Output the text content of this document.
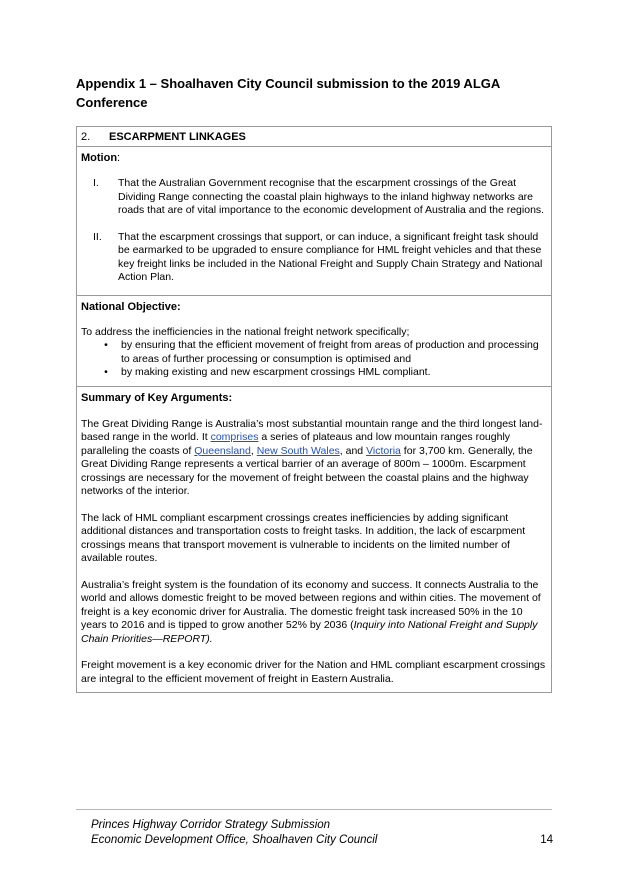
Appendix 1 – Shoalhaven City Council submission to the 2019 ALGA Conference
2. ESCARPMENT LINKAGES
Motion:
I.	That the Australian Government recognise that the escarpment crossings of the Great Dividing Range connecting the coastal plain highways to the inland highway networks are roads that are of vital importance to the economic development of Australia and the regions.
II.	That the escarpment crossings that support, or can induce, a significant freight task should be earmarked to be upgraded to ensure compliance for HML freight vehicles and that these key freight links be included in the National Freight and Supply Chain Strategy and National Action Plan.
National Objective:

To address the inefficiencies in the national freight network specifically;

•	by ensuring that the efficient movement of freight from areas of production and processing to areas of further processing or consumption is optimised and
•	by making existing and new escarpment crossings HML compliant.
Summary of Key Arguments:

The Great Dividing Range is Australia’s most substantial mountain range and the third longest land-based range in the world. It comprises a series of plateaus and low mountain ranges roughly paralleling the coasts of Queensland, New South Wales, and Victoria for 3,700 km. Generally, the Great Dividing Range represents a vertical barrier of an average of 800m – 1000m. Escarpment crossings are necessary for the movement of freight between the coastal plains and the highway networks of the interior.

The lack of HML compliant escarpment crossings creates inefficiencies by adding significant additional distances and transportation costs to freight tasks. In addition, the lack of escarpment crossings means that transport movement is vulnerable to incidents on the limited number of available routes.

Australia’s freight system is the foundation of its economy and success. It connects Australia to the world and allows domestic freight to be moved between regions and within cities. The movement of freight is a key economic driver for Australia. The domestic freight task increased 50% in the 10 years to 2016 and is tipped to grow another 52% by 2036 (Inquiry into National Freight and Supply Chain Priorities—REPORT).

Freight movement is a key economic driver for the Nation and HML compliant escarpment crossings are integral to the efficient movement of freight in Eastern Australia.

Princes Highway Corridor Strategy Submission
Economic Development Office, Shoalhaven City Council	14
